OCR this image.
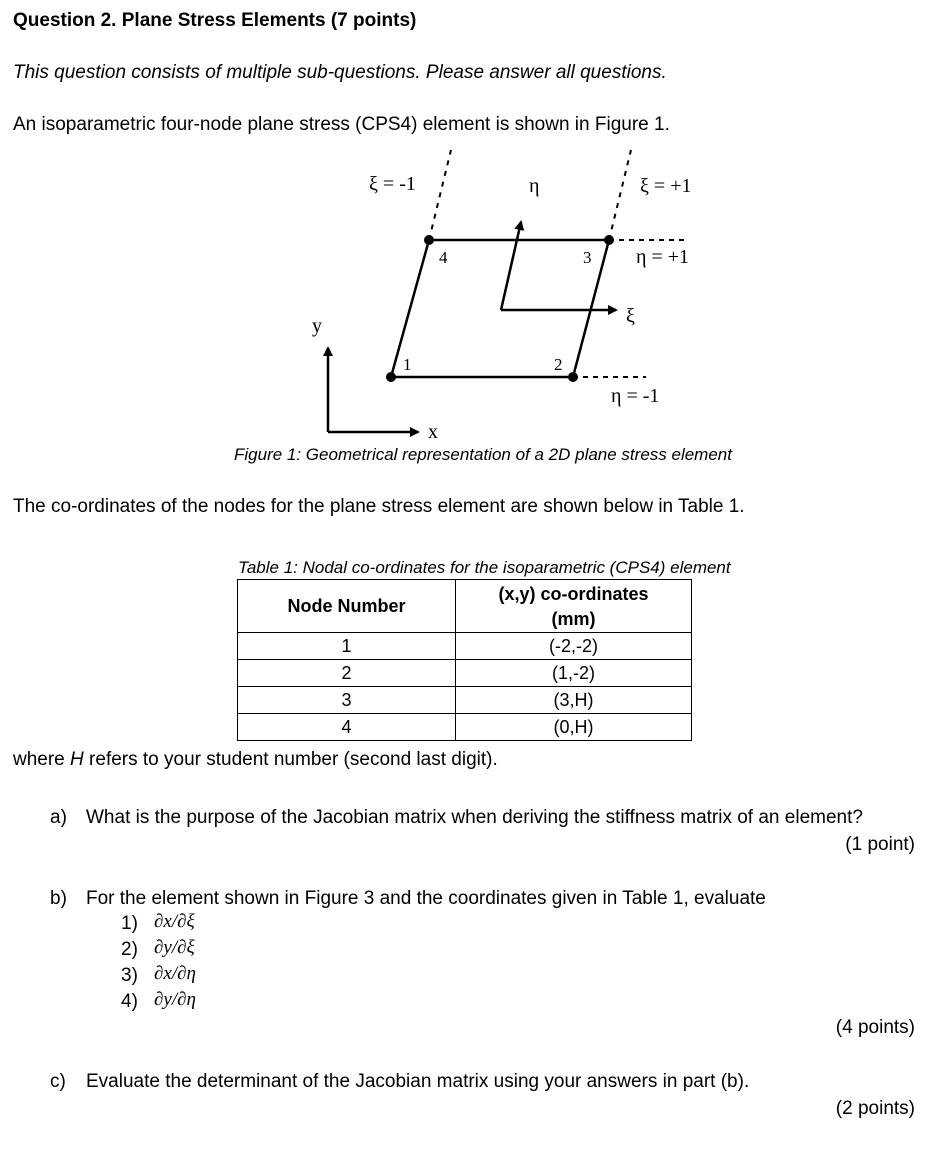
Question 2. Plane Stress Elements (7 points)
This question consists of multiple sub-questions. Please answer all questions.
An isoparametric four-node plane stress (CPS4) element is shown in Figure 1.
ξ = -1	η	ξ = +1
4	3 η = +1
ξ
y
1	2
η = -1
x
Figure 1: Geometrical representation of a 2D plane stress element
The co-ordinates of the nodes for the plane stress element are shown below in Table 1.
Table 1: Nodal co-ordinates for the isoparametric (CPS4) element
Node Number	(x,y) co-ordinates
(mm)
1	(-2,-2)
2	(1,-2)
3	(3,H)
4	(0,H)
where H refers to your student number (second last digit).
a) What is the purpose of the Jacobian matrix when deriving the stiffness matrix of an element?
(1 point)
b) For the element shown in Figure 3 and the coordinates given in Table 1, evaluate
1) ∂x/∂ξ
2) ∂y/∂ξ
3) ∂x/∂η
4) ∂y/∂η
(4 points)
c) Evaluate the determinant of the Jacobian matrix using your answers in part (b).
(2 points)
